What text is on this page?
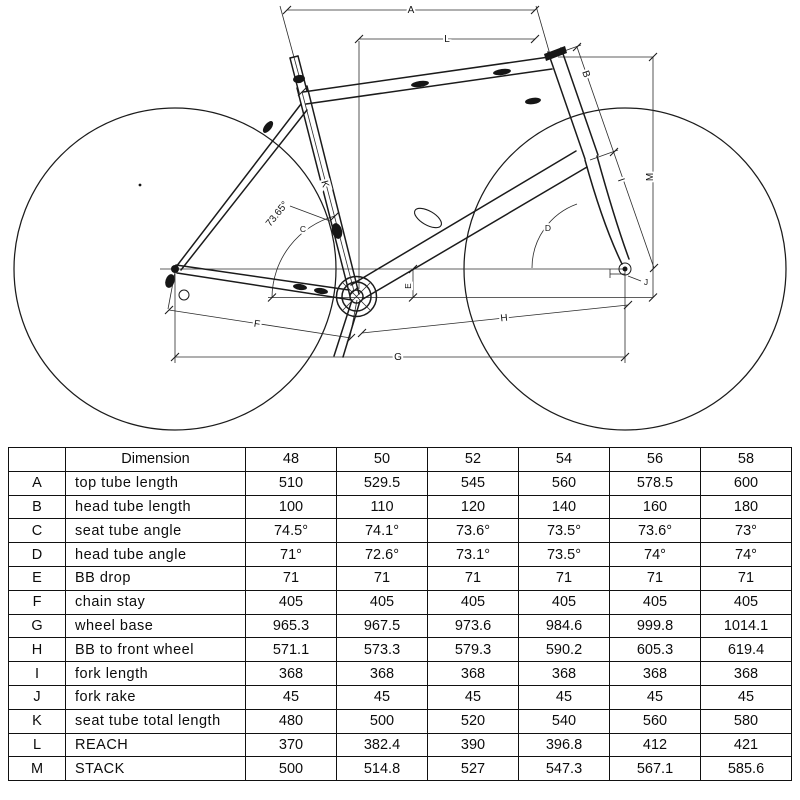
A
L
B
I M
K
C	D
E
F
G
H
J
73.65°
	Dimension	48	50	52	54	56	58
A	top tube length	510	529.5	545	560	578.5	600
B	head tube length	100	110	120	140	160	180
C	seat tube angle	74.5°	74.1°	73.6°	73.5°	73.6°	73°
D	head tube angle	71°	72.6°	73.1°	73.5°	74°	74°
E	BB drop	71	71	71	71	71	71
F	chain stay	405	405	405	405	405	405
G	wheel base	965.3	967.5	973.6	984.6	999.8	1014.1
H	BB to front wheel	571.1	573.3	579.3	590.2	605.3	619.4
I	fork length	368	368	368	368	368	368
J	fork rake	45	45	45	45	45	45
K	seat tube total length	480	500	520	540	560	580
L	REACH	370	382.4	390	396.8	412	421
M	STACK	500	514.8	527	547.3	567.1	585.6
